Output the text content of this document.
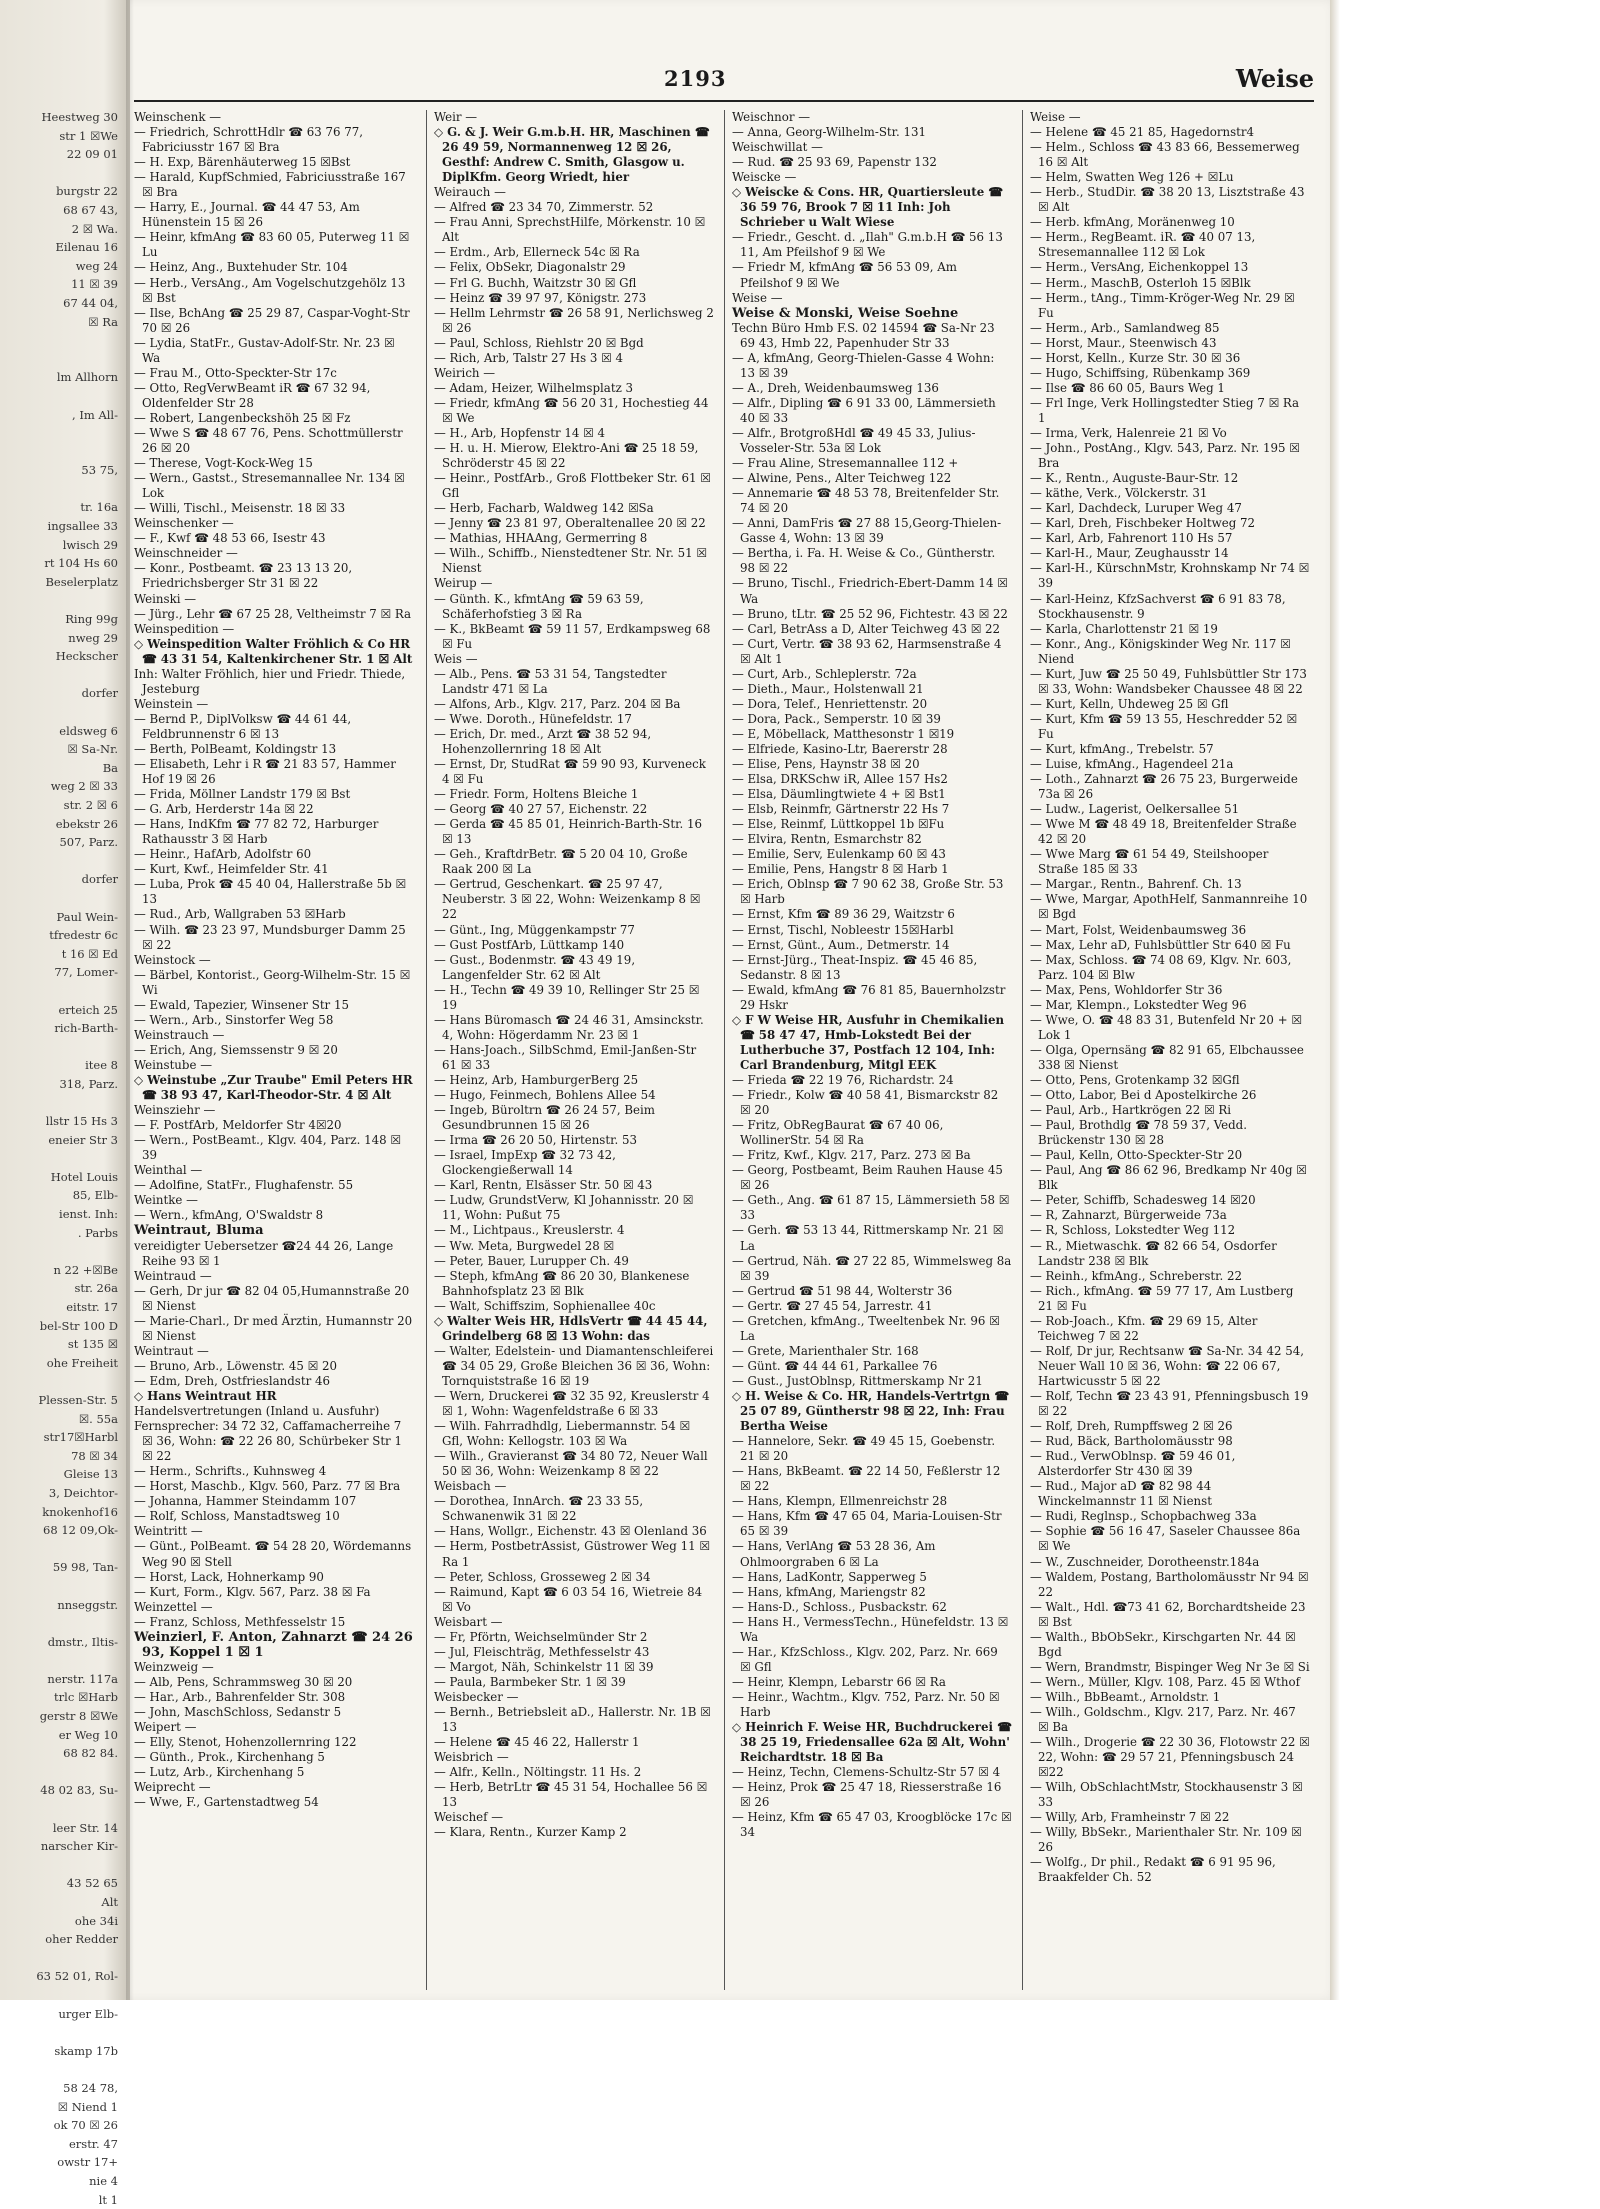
Heestweg 30
str 1 ☒We
22 09 01

burgstr 22
68 67 43,
2 ☒ Wa.
Eilenau 16
weg 24
11 ☒ 39
67 44 04,
☒ Ra

lm Allhorn

, Im All-

53 75,

tr. 16a
ingsallee 33
lwisch 29
rt 104 Hs 60
Beselerplatz

Ring 99g
nweg 29
Heckscher

dorfer

eldsweg 6
☒ Sa-Nr.
Ba
weg 2 ☒ 33
str. 2 ☒ 6
ebekstr 26
507, Parz.

dorfer

Paul Wein-
tfredestr 6c
t 16 ☒ Ed
77, Lomer-

erteich 25
rich-Barth-

itee 8
318, Parz.

llstr 15 Hs 3
eneier Str 3

Hotel Louis
85, Elb-
ienst. Inh:
. Parbs

n 22 +☒Be
str. 26a
eitstr. 17
bel-Str 100 D
st 135 ☒
ohe Freiheit

Plessen-Str. 5
☒. 55a
str17☒Harbl
78 ☒ 34
Gleise 13
3, Deichtor-
knokenhof16
68 12 09,Ok-

59 98, Tan-

nnseggstr.

dmstr., Iltis-

nerstr. 117a
trlc ☒Harb
gerstr 8 ☒We
er Weg 10
68 82 84.

48 02 83, Su-

leer Str. 14
narscher Kir-

43 52 65
Alt
ohe 34i
oher Redder

63 52 01, Rol-

urger Elb-

skamp 17b

58 24 78,
☒ Niend 1
ok 70 ☒ 26
erstr. 47
owstr 17+
nie 4
lt 1
2193	Weise

Weinschenk —

— Friedrich, SchrottHdlr ☎ 63 76 77, Fabriciusstr 167 ☒ Bra

— H. Exp, Bärenhäuterweg 15 ☒Bst

— Harald, KupfSchmied, Fabriciusstraße 167 ☒ Bra

— Harry, E., Journal. ☎ 44 47 53, Am Hünenstein 15 ☒ 26

— Heinr, kfmAng ☎ 83 60 05, Puterweg 11 ☒ Lu

— Heinz, Ang., Buxtehuder Str. 104

— Herb., VersAng., Am Vogelschutzgehölz 13 ☒ Bst

— Ilse, BchAng ☎ 25 29 87, Caspar-Voght-Str 70 ☒ 26

— Lydia, StatFr., Gustav-Adolf-Str. Nr. 23 ☒ Wa

— Frau M., Otto-Speckter-Str 17c

— Otto, RegVerwBeamt iR ☎ 67 32 94, Oldenfelder Str 28

— Robert, Langenbeckshöh 25 ☒ Fz

— Wwe S ☎ 48 67 76, Pens. Schottmüllerstr 26 ☒ 20

— Therese, Vogt-Kock-Weg 15

— Wern., Gastst., Stresemannallee Nr. 134 ☒ Lok

— Willi, Tischl., Meisenstr. 18 ☒ 33

Weinschenker —

— F., Kwf ☎ 48 53 66, Isestr 43

Weinschneider —

— Konr., Postbeamt. ☎ 23 13 13 20, Friedrichsberger Str 31 ☒ 22

Weinski —

— Jürg., Lehr ☎ 67 25 28, Veltheimstr 7 ☒ Ra

Weinspedition —

◇ Weinspedition Walter Fröhlich & Co HR ☎ 43 31 54, Kaltenkirchener Str. 1 ☒ Alt

Inh: Walter Fröhlich, hier und Friedr. Thiede, Jesteburg

Weinstein —

— Bernd P., DiplVolksw ☎ 44 61 44, Feldbrunnenstr 6 ☒ 13

— Berth, PolBeamt, Koldingstr 13

— Elisabeth, Lehr i R ☎ 21 83 57, Hammer Hof 19 ☒ 26

— Frida, Möllner Landstr 179 ☒ Bst

— G. Arb, Herderstr 14a ☒ 22

— Hans, IndKfm ☎ 77 82 72, Harburger Rathausstr 3 ☒ Harb

— Heinr., HafArb, Adolfstr 60

— Kurt, Kwf., Heimfelder Str. 41

— Luba, Prok ☎ 45 40 04, Hallerstraße 5b ☒ 13

— Rud., Arb, Wallgraben 53 ☒Harb

— Wilh. ☎ 23 23 97, Mundsburger Damm 25 ☒ 22

Weinstock —

— Bärbel, Kontorist., Georg-Wilhelm-Str. 15 ☒ Wi

— Ewald, Tapezier, Winsener Str 15

— Wern., Arb., Sinstorfer Weg 58

Weinstrauch —

— Erich, Ang, Siemssenstr 9 ☒ 20

Weinstube —

◇ Weinstube „Zur Traube" Emil Peters HR ☎ 38 93 47, Karl-Theodor-Str. 4 ☒ Alt

Weinsziehr —

— F. PostfArb, Meldorfer Str 4☒20

— Wern., PostBeamt., Klgv. 404, Parz. 148 ☒ 39

Weinthal —

— Adolfine, StatFr., Flughafenstr. 55

Weintke —

— Wern., kfmAng, O'Swaldstr 8

Weintraut, Bluma

vereidigter Uebersetzer ☎24 44 26, Lange Reihe 93 ☒ 1

Weintraud —

— Gerh, Dr jur ☎ 82 04 05,Humannstraße 20 ☒ Nienst

— Marie-Charl., Dr med Ärztin, Humannstr 20 ☒ Nienst

Weintraut —

— Bruno, Arb., Löwenstr. 45 ☒ 20

— Edm, Dreh, Ostfrieslandstr 46

◇ Hans Weintraut HR

Handelsvertretungen (Inland u. Ausfuhr)

Fernsprecher: 34 72 32, Caffamacherreihe 7 ☒ 36, Wohn: ☎ 22 26 80, Schürbeker Str 1 ☒ 22

— Herm., Schrifts., Kuhnsweg 4

— Horst, Maschb., Klgv. 560, Parz. 77 ☒ Bra

— Johanna, Hammer Steindamm 107

— Rolf, Schloss, Manstadtsweg 10

Weintritt —

— Günt., PolBeamt. ☎ 54 28 20, Wördemanns Weg 90 ☒ Stell

— Horst, Lack, Hohnerkamp 90

— Kurt, Form., Klgv. 567, Parz. 38 ☒ Fa

Weinzettel —

— Franz, Schloss, Methfesselstr 15

Weinzierl, F. Anton, Zahnarzt ☎ 24 26 93, Koppel 1 ☒ 1

Weinzweig —

— Alb, Pens, Schrammsweg 30 ☒ 20

— Har., Arb., Bahrenfelder Str. 308

— John, MaschSchloss, Sedanstr 5

Weipert —

— Elly, Stenot, Hohenzollernring 122

— Günth., Prok., Kirchenhang 5

— Lutz, Arb., Kirchenhang 5

Weiprecht —

— Wwe, F., Gartenstadtweg 54

Weir —

◇ G. & J. Weir G.m.b.H. HR, Maschinen ☎ 26 49 59, Normannenweg 12 ☒ 26, Gesthf: Andrew C. Smith, Glasgow u. DiplKfm. Georg Wriedt, hier

Weirauch —

— Alfred ☎ 23 34 70, Zimmerstr. 52

— Frau Anni, SprechstHilfe, Mörkenstr. 10 ☒ Alt

— Erdm., Arb, Ellerneck 54c ☒ Ra

— Felix, ObSekr, Diagonalstr 29

— Frl G. Buchh, Waitzstr 30 ☒ Gfl

— Heinz ☎ 39 97 97, Königstr. 273

— Hellm Lehrmstr ☎ 26 58 91, Nerlichsweg 2 ☒ 26

— Paul, Schloss, Riehlstr 20 ☒ Bgd

— Rich, Arb, Talstr 27 Hs 3 ☒ 4

Weirich —

— Adam, Heizer, Wilhelmsplatz 3

— Friedr, kfmAng ☎ 56 20 31, Hochestieg 44 ☒ We

— H., Arb, Hopfenstr 14 ☒ 4

— H. u. H. Mierow, Elektro-Ani ☎ 25 18 59, Schröderstr 45 ☒ 22

— Heinr., PostfArb., Groß Flottbeker Str. 61 ☒ Gfl

— Herb, Facharb, Waldweg 142 ☒Sa

— Jenny ☎ 23 81 97, Oberaltenallee 20 ☒ 22

— Mathias, HHAAng, Germerring 8

— Wilh., Schiffb., Nienstedtener Str. Nr. 51 ☒ Nienst

Weirup —

— Günth. K., kfmtAng ☎ 59 63 59, Schäferhofstieg 3 ☒ Ra

— K., BkBeamt ☎ 59 11 57, Erdkampsweg 68 ☒ Fu

Weis —

— Alb., Pens. ☎ 53 31 54, Tangstedter Landstr 471 ☒ La

— Alfons, Arb., Klgv. 217, Parz. 204 ☒ Ba

— Wwe. Doroth., Hünefeldstr. 17

— Erich, Dr. med., Arzt ☎ 38 52 94, Hohenzollernring 18 ☒ Alt

— Ernst, Dr, StudRat ☎ 59 90 93, Kurveneck 4 ☒ Fu

— Friedr. Form, Holtens Bleiche 1

— Georg ☎ 40 27 57, Eichenstr. 22

— Gerda ☎ 45 85 01, Heinrich-Barth-Str. 16 ☒ 13

— Geh., KraftdrBetr. ☎ 5 20 04 10, Große Raak 200 ☒ La

— Gertrud, Geschenkart. ☎ 25 97 47, Neuberstr. 3 ☒ 22, Wohn: Weizenkamp 8 ☒ 22

— Günt., Ing, Müggenkampstr 77

— Gust PostfArb, Lüttkamp 140

— Gust., Bodenmstr. ☎ 43 49 19, Langenfelder Str. 62 ☒ Alt

— H., Techn ☎ 49 39 10, Rellinger Str 25 ☒ 19

— Hans Büromasch ☎ 24 46 31, Amsinckstr. 4, Wohn: Högerdamm Nr. 23 ☒ 1

— Hans-Joach., SilbSchmd, Emil-Janßen-Str 61 ☒ 33

— Heinz, Arb, HamburgerBerg 25

— Hugo, Feinmech, Bohlens Allee 54

— Ingeb, Büroltrn ☎ 26 24 57, Beim Gesundbrunnen 15 ☒ 26

— Irma ☎ 26 20 50, Hirtenstr. 53

— Israel, ImpExp ☎ 32 73 42, Glockengießerwall 14

— Karl, Rentn, Elsässer Str. 50 ☒ 43

— Ludw, GrundstVerw, Kl Johannisstr. 20 ☒ 11, Wohn: Pußut 75

— M., Lichtpaus., Kreuslerstr. 4

— Ww. Meta, Burgwedel 28 ☒

— Peter, Bauer, Lurupper Ch. 49

— Steph, kfmAng ☎ 86 20 30, Blankenese Bahnhofsplatz 23 ☒ Blk

— Walt, Schiffszim, Sophienallee 40c

◇ Walter Weis HR, HdlsVertr ☎ 44 45 44, Grindelberg 68 ☒ 13 Wohn: das

— Walter, Edelstein- und Diamantenschleiferei ☎ 34 05 29, Große Bleichen 36 ☒ 36, Wohn: Tornquiststraße 16 ☒ 19

— Wern, Druckerei ☎ 32 35 92, Kreuslerstr 4 ☒ 1, Wohn: Wagenfeldstraße 6 ☒ 33

— Wilh. Fahrradhdlg, Liebermannstr. 54 ☒ Gfl, Wohn: Kellogstr. 103 ☒ Wa

— Wilh., Gravieranst ☎ 34 80 72, Neuer Wall 50 ☒ 36, Wohn: Weizenkamp 8 ☒ 22

Weisbach —

— Dorothea, InnArch. ☎ 23 33 55, Schwanenwik 31 ☒ 22

— Hans, Wollgr., Eichenstr. 43 ☒ Olenland 36

— Herm, PostbetrAssist, Güstrower Weg 11 ☒ Ra 1

— Peter, Schloss, Grosseweg 2 ☒ 34

— Raimund, Kapt ☎ 6 03 54 16, Wietreie 84 ☒ Vo

Weisbart —

— Fr, Pförtn, Weichselmünder Str 2

— Jul, Fleischträg, Methfesselstr 43

— Margot, Näh, Schinkelstr 11 ☒ 39

— Paula, Barmbeker Str. 1 ☒ 39

Weisbecker —

— Bernh., Betriebsleit aD., Hallerstr. Nr. 1B ☒ 13

— Helene ☎ 45 46 22, Hallerstr 1

Weisbrich —

— Alfr., Kelln., Nöltingstr. 11 Hs. 2

— Herb, BetrLtr ☎ 45 31 54, Hochallee 56 ☒ 13

Weischef —

— Klara, Rentn., Kurzer Kamp 2

Weischnor —

— Anna, Georg-Wilhelm-Str. 131

Weischwillat —

— Rud. ☎ 25 93 69, Papenstr 132

Weiscke —

◇ Weiscke & Cons. HR, Quartiersleute ☎ 36 59 76, Brook 7 ☒ 11 Inh: Joh Schrieber u Walt Wiese

— Friedr., Gescht. d. „Ilah" G.m.b.H ☎ 56 13 11, Am Pfeilshof 9 ☒ We

— Friedr M, kfmAng ☎ 56 53 09, Am Pfeilshof 9 ☒ We

Weise —

Weise & Monski, Weise Soehne

Techn Büro Hmb F.S. 02 14594 ☎ Sa-Nr 23 69 43, Hmb 22, Papenhuder Str 33

— A, kfmAng, Georg-Thielen-Gasse 4 Wohn: 13 ☒ 39

— A., Dreh, Weidenbaumsweg 136

— Alfr., Dipling ☎ 6 91 33 00, Lämmersieth 40 ☒ 33

— Alfr., BrotgroßHdl ☎ 49 45 33, Julius-Vosseler-Str. 53a ☒ Lok

— Frau Aline, Stresemannallee 112 +

— Alwine, Pens., Alter Teichweg 122

— Annemarie ☎ 48 53 78, Breitenfelder Str. 74 ☒ 20

— Anni, DamFris ☎ 27 88 15,Georg-Thielen-Gasse 4, Wohn: 13 ☒ 39

— Bertha, i. Fa. H. Weise & Co., Güntherstr. 98 ☒ 22

— Bruno, Tischl., Friedrich-Ebert-Damm 14 ☒ Wa

— Bruno, tLtr. ☎ 25 52 96, Fichtestr. 43 ☒ 22

— Carl, BetrAss a D, Alter Teichweg 43 ☒ 22

— Curt, Vertr. ☎ 38 93 62, Harmsenstraße 4 ☒ Alt 1

— Curt, Arb., Schleplerstr. 72a

— Dieth., Maur., Holstenwall 21

— Dora, Telef., Henriettenstr. 20

— Dora, Pack., Semperstr. 10 ☒ 39

— E, Möbellack, Matthesonstr 1 ☒19

— Elfriede, Kasino-Ltr, Baererstr 28

— Elise, Pens, Haynstr 38 ☒ 20

— Elsa, DRKSchw iR, Allee 157 Hs2

— Elsa, Däumlingtwiete 4 + ☒ Bst1

— Elsb, Reinmfr, Gärtnerstr 22 Hs 7

— Else, Reinmf, Lüttkoppel 1b ☒Fu

— Elvira, Rentn, Esmarchstr 82

— Emilie, Serv, Eulenkamp 60 ☒ 43

— Emilie, Pens, Hangstr 8 ☒ Harb 1

— Erich, Oblnsp ☎ 7 90 62 38, Große Str. 53 ☒ Harb

— Ernst, Kfm ☎ 89 36 29, Waitzstr 6

— Ernst, Tischl, Nobleestr 15☒Harbl

— Ernst, Günt., Aum., Detmerstr. 14

— Ernst-Jürg., Theat-Inspiz. ☎ 45 46 85, Sedanstr. 8 ☒ 13

— Ewald, kfmAng ☎ 76 81 85, Bauernholzstr 29 Hskr

◇ F W Weise HR, Ausfuhr in Chemikalien ☎ 58 47 47, Hmb-Lokstedt Bei der Lutherbuche 37, Postfach 12 104, Inh: Carl Brandenburg, Mitgl EEK

— Frieda ☎ 22 19 76, Richardstr. 24

— Friedr., Kolw ☎ 40 58 41, Bismarckstr 82 ☒ 20

— Fritz, ObRegBaurat ☎ 67 40 06, WollinerStr. 54 ☒ Ra

— Fritz, Kwf., Klgv. 217, Parz. 273 ☒ Ba

— Georg, Postbeamt, Beim Rauhen Hause 45 ☒ 26

— Geth., Ang. ☎ 61 87 15, Lämmersieth 58 ☒ 33

— Gerh. ☎ 53 13 44, Rittmerskamp Nr. 21 ☒ La

— Gertrud, Näh. ☎ 27 22 85, Wimmelsweg 8a ☒ 39

— Gertrud ☎ 51 98 44, Wolterstr 36

— Gertr. ☎ 27 45 54, Jarrestr. 41

— Gretchen, kfmAng., Tweeltenbek Nr. 96 ☒ La

— Grete, Marienthaler Str. 168

— Günt. ☎ 44 44 61, Parkallee 76

— Gust., JustOblnsp, Rittmerskamp Nr 21

◇ H. Weise & Co. HR, Handels-Vertrtgn ☎ 25 07 89, Güntherstr 98 ☒ 22, Inh: Frau Bertha Weise

— Hannelore, Sekr. ☎ 49 45 15, Goebenstr. 21 ☒ 20

— Hans, BkBeamt. ☎ 22 14 50, Feßlerstr 12 ☒ 22

— Hans, Klempn, Ellmenreichstr 28

— Hans, Kfm ☎ 47 65 04, Maria-Louisen-Str 65 ☒ 39

— Hans, VerlAng ☎ 53 28 36, Am Ohlmoorgraben 6 ☒ La

— Hans, LadKontr, Sapperweg 5

— Hans, kfmAng, Mariengstr 82

— Hans-D., Schloss., Pusbackstr. 62

— Hans H., VermessTechn., Hünefeldstr. 13 ☒ Wa

— Har., KfzSchloss., Klgv. 202, Parz. Nr. 669 ☒ Gfl

— Heinr, Klempn, Lebarstr 66 ☒ Ra

— Heinr., Wachtm., Klgv. 752, Parz. Nr. 50 ☒ Harb

◇ Heinrich F. Weise HR, Buchdruckerei ☎ 38 25 19, Friedensallee 62a ☒ Alt, Wohn' Reichardtstr. 18 ☒ Ba

— Heinz, Techn, Clemens-Schultz-Str 57 ☒ 4

— Heinz, Prok ☎ 25 47 18, Riesserstraße 16 ☒ 26

— Heinz, Kfm ☎ 65 47 03, Kroogblöcke 17c ☒ 34

Weise —

— Helene ☎ 45 21 85, Hagedornstr4

— Helm., Schloss ☎ 43 83 66, Bessemerweg 16 ☒ Alt

— Helm, Swatten Weg 126 + ☒Lu

— Herb., StudDir. ☎ 38 20 13, Lisztstraße 43 ☒ Alt

— Herb. kfmAng, Moränenweg 10

— Herm., RegBeamt. iR. ☎ 40 07 13, Stresemannallee 112 ☒ Lok

— Herm., VersAng, Eichenkoppel 13

— Herm., MaschB, Osterloh 15 ☒Blk

— Herm., tAng., Timm-Kröger-Weg Nr. 29 ☒ Fu

— Herm., Arb., Samlandweg 85

— Horst, Maur., Steenwisch 43

— Horst, Kelln., Kurze Str. 30 ☒ 36

— Hugo, Schiffsing, Rübenkamp 369

— Ilse ☎ 86 60 05, Baurs Weg 1

— Frl Inge, Verk Hollingstedter Stieg 7 ☒ Ra 1

— Irma, Verk, Halenreie 21 ☒ Vo

— John., PostAng., Klgv. 543, Parz. Nr. 195 ☒ Bra

— K., Rentn., Auguste-Baur-Str. 12

— käthe, Verk., Völckerstr. 31

— Karl, Dachdeck, Luruper Weg 47

— Karl, Dreh, Fischbeker Holtweg 72

— Karl, Arb, Fahrenort 110 Hs 57

— Karl-H., Maur, Zeughausstr 14

— Karl-H., KürschnMstr, Krohnskamp Nr 74 ☒ 39

— Karl-Heinz, KfzSachverst ☎ 6 91 83 78, Stockhausenstr. 9

— Karla, Charlottenstr 21 ☒ 19

— Konr., Ang., Königskinder Weg Nr. 117 ☒ Niend

— Kurt, Juw ☎ 25 50 49, Fuhlsbüttler Str 173 ☒ 33, Wohn: Wandsbeker Chaussee 48 ☒ 22

— Kurt, Kelln, Uhdeweg 25 ☒ Gfl

— Kurt, Kfm ☎ 59 13 55, Heschredder 52 ☒ Fu

— Kurt, kfmAng., Trebelstr. 57

— Luise, kfmAng., Hagendeel 21a

— Loth., Zahnarzt ☎ 26 75 23, Burgerweide 73a ☒ 26

— Ludw., Lagerist, Oelkersallee 51

— Wwe M ☎ 48 49 18, Breitenfelder Straße 42 ☒ 20

— Wwe Marg ☎ 61 54 49, Steilshooper Straße 185 ☒ 33

— Margar., Rentn., Bahrenf. Ch. 13

— Wwe, Margar, ApothHelf, Sanmannreihe 10 ☒ Bgd

— Mart, Folst, Weidenbaumsweg 36

— Max, Lehr aD, Fuhlsbüttler Str 640 ☒ Fu

— Max, Schloss. ☎ 74 08 69, Klgv. Nr. 603, Parz. 104 ☒ Blw

— Max, Pens, Wohldorfer Str 36

— Mar, Klempn., Lokstedter Weg 96

— Wwe, O. ☎ 48 83 31, Butenfeld Nr 20 + ☒ Lok 1

— Olga, Opernsäng ☎ 82 91 65, Elbchaussee 338 ☒ Nienst

— Otto, Pens, Grotenkamp 32 ☒Gfl

— Otto, Labor, Bei d Apostelkirche 26

— Paul, Arb., Hartkrögen 22 ☒ Ri

— Paul, Brothdlg ☎ 78 59 37, Vedd. Brückenstr 130 ☒ 28

— Paul, Kelln, Otto-Speckter-Str 20

— Paul, Ang ☎ 86 62 96, Bredkamp Nr 40g ☒ Blk

— Peter, Schiffb, Schadesweg 14 ☒20

— R, Zahnarzt, Bürgerweide 73a

— R, Schloss, Lokstedter Weg 112

— R., Mietwaschk. ☎ 82 66 54, Osdorfer Landstr 238 ☒ Blk

— Reinh., kfmAng., Schreberstr. 22

— Rich., kfmAng. ☎ 59 77 17, Am Lustberg 21 ☒ Fu

— Rob-Joach., Kfm. ☎ 29 69 15, Alter Teichweg 7 ☒ 22

— Rolf, Dr jur, Rechtsanw ☎ Sa-Nr. 34 42 54, Neuer Wall 10 ☒ 36, Wohn: ☎ 22 06 67, Hartwicusstr 5 ☒ 22

— Rolf, Techn ☎ 23 43 91, Pfenningsbusch 19 ☒ 22

— Rolf, Dreh, Rumpffsweg 2 ☒ 26

— Rud, Bäck, Bartholomäusstr 98

— Rud., VerwOblnsp. ☎ 59 46 01, Alsterdorfer Str 430 ☒ 39

— Rud., Major aD ☎ 82 98 44 Winckelmannstr 11 ☒ Nienst

— Rudi, Reglnsp., Schopbachweg 33a

— Sophie ☎ 56 16 47, Saseler Chaussee 86a ☒ We

— W., Zuschneider, Dorotheenstr.184a

— Waldem, Postang, Bartholomäusstr Nr 94 ☒ 22

— Walt., Hdl. ☎73 41 62, Borchardtsheide 23 ☒ Bst

— Walth., BbObSekr., Kirschgarten Nr. 44 ☒ Bgd

— Wern, Brandmstr, Bispinger Weg Nr 3e ☒ Si

— Wern., Müller, Klgv. 108, Parz. 45 ☒ Wthof

— Wilh., BbBeamt., Arnoldstr. 1

— Wilh., Goldschm., Klgv. 217, Parz. Nr. 467 ☒ Ba

— Wilh., Drogerie ☎ 22 30 36, Flotowstr 22 ☒ 22, Wohn: ☎ 29 57 21, Pfenningsbusch 24 ☒22

— Wilh, ObSchlachtMstr, Stockhausenstr 3 ☒ 33

— Willy, Arb, Framheinstr 7 ☒ 22

— Willy, BbSekr., Marienthaler Str. Nr. 109 ☒ 26

— Wolfg., Dr phil., Redakt ☎ 6 91 95 96, Braakfelder Ch. 52
